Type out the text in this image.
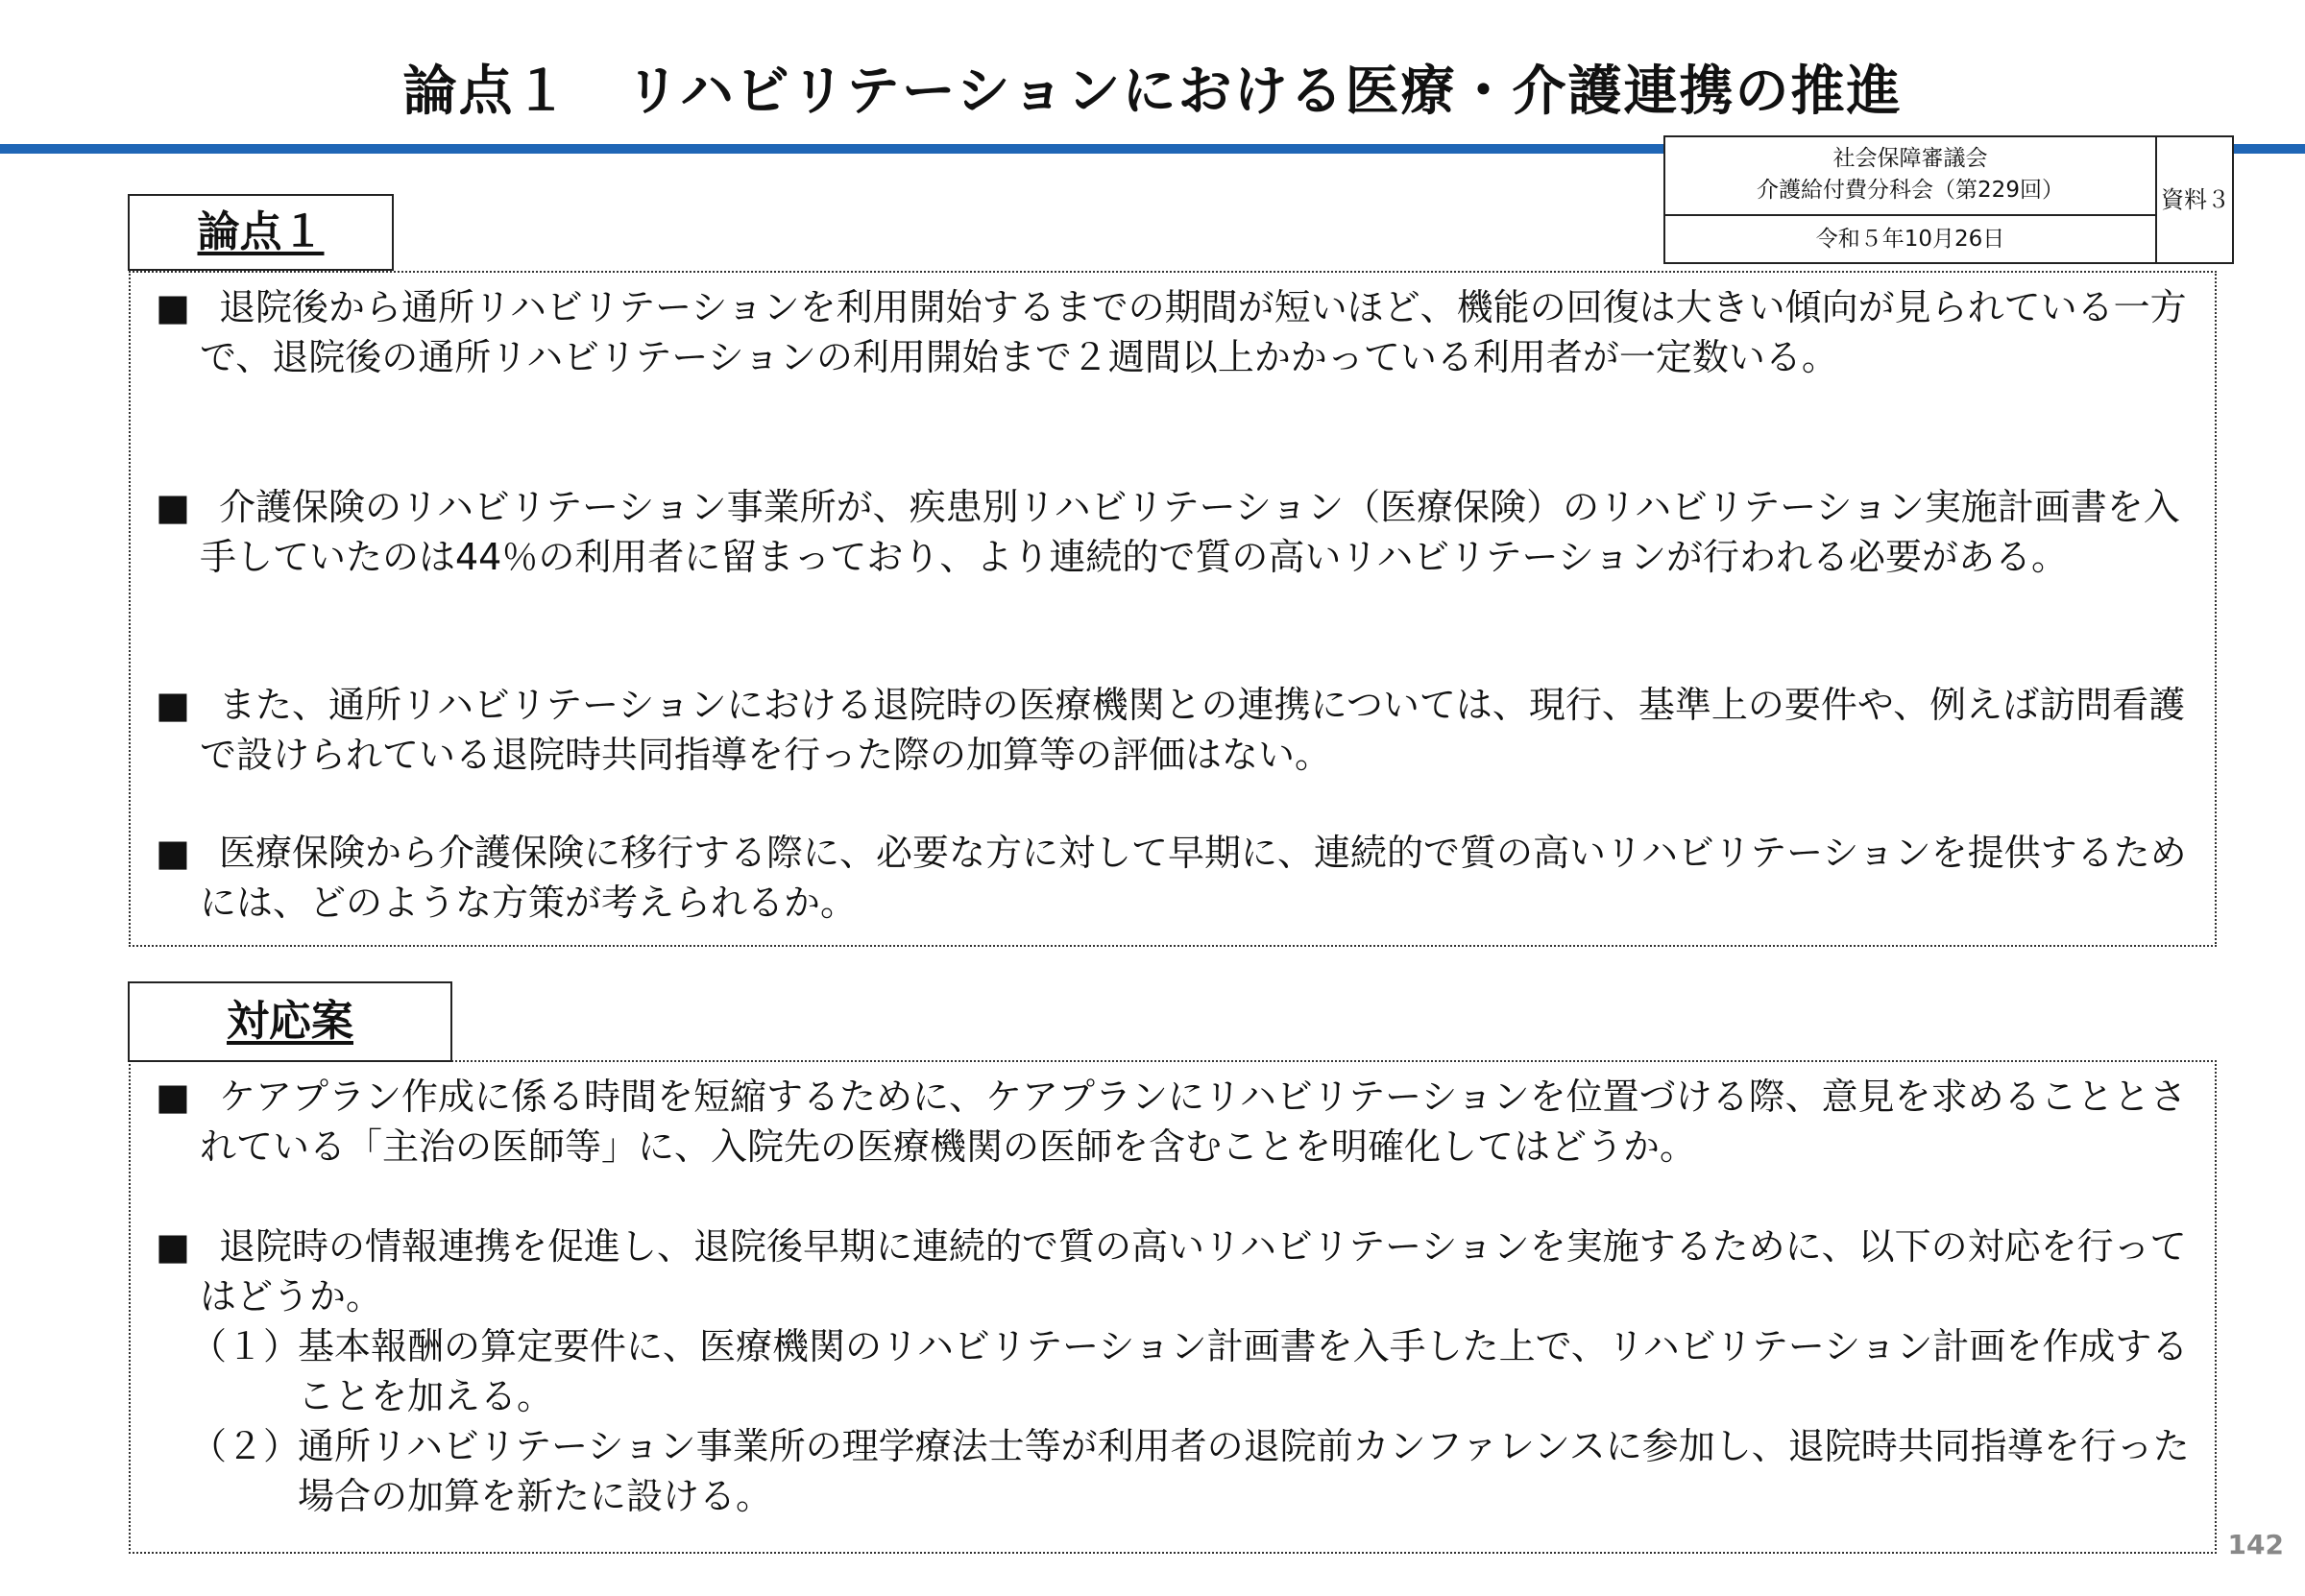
論点１　リハビリテーションにおける医療・介護連携の推進
社会保障審議会
介護給付費分科会（第229回）
令和５年10月26日
資料３
論点１
■ 退院後から通所リハビリテーションを利用開始するまでの期間が短いほど、機能の回復は大きい傾向が見られている一方で、退院後の通所リハビリテーションの利用開始まで２週間以上かかっている利用者が一定数いる。
■ 介護保険のリハビリテーション事業所が、疾患別リハビリテーション（医療保険）のリハビリテーション実施計画書を入手していたのは44％の利用者に留まっており、より連続的で質の高いリハビリテーションが行われる必要がある。
■ また、通所リハビリテーションにおける退院時の医療機関との連携については、現行、基準上の要件や、例えば訪問看護で設けられている退院時共同指導を行った際の加算等の評価はない。
■ 医療保険から介護保険に移行する際に、必要な方に対して早期に、連続的で質の高いリハビリテーションを提供するためには、どのような方策が考えられるか。
対応案
■ ケアプラン作成に係る時間を短縮するために、ケアプランにリハビリテーションを位置づける際、意見を求めることとされている「主治の医師等」に、入院先の医療機関の医師を含むことを明確化してはどうか。
■ 退院時の情報連携を促進し、退院後早期に連続的で質の高いリハビリテーションを実施するために、以下の対応を行ってはどうか。
（１）基本報酬の算定要件に、医療機関のリハビリテーション計画書を入手した上で、リハビリテーション計画を作成することを加える。
（２）通所リハビリテーション事業所の理学療法士等が利用者の退院前カンファレンスに参加し、退院時共同指導を行った場合の加算を新たに設ける。
142
